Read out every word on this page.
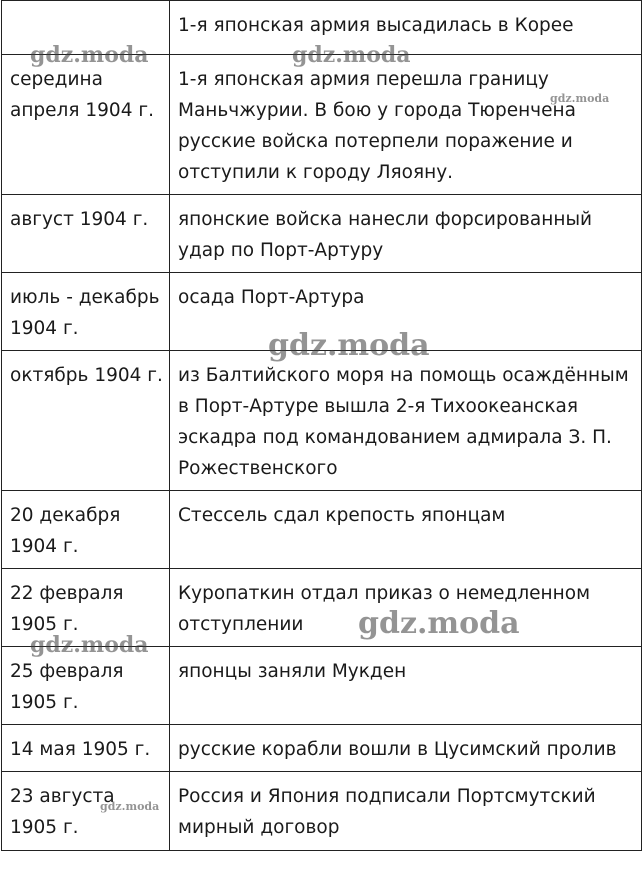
	1-я японская армия высадилась в Корее
середина апреля 1904 г.	1-я японская армия перешла границу Маньчжурии. В бою у города Тюренчена русские войска потерпели поражение и отступили к городу Ляояну.
август 1904 г.	японские войска нанесли форсированный удар по Порт-Артуру
июль - декабрь 1904 г.	осада Порт-Артура
октябрь 1904 г.	из Балтийского моря на помощь осаждённым в Порт-Артуре вышла 2-я Тихоокеанская эскадра под командованием адмирала З. П. Рожественского
20 декабря 1904 г.	Стессель сдал крепость японцам
22 февраля 1905 г.	Куропаткин отдал приказ о немедленном отступлении
25 февраля 1905 г.	японцы заняли Мукден
14 мая 1905 г.	русские корабли вошли в Цусимский пролив
23 августа 1905 г.	Россия и Япония подписали Портсмутский мирный договор
gdz.moda	gdz.moda
gdz.moda
gdz.moda
gdz.moda
gdz.moda
gdz.moda
